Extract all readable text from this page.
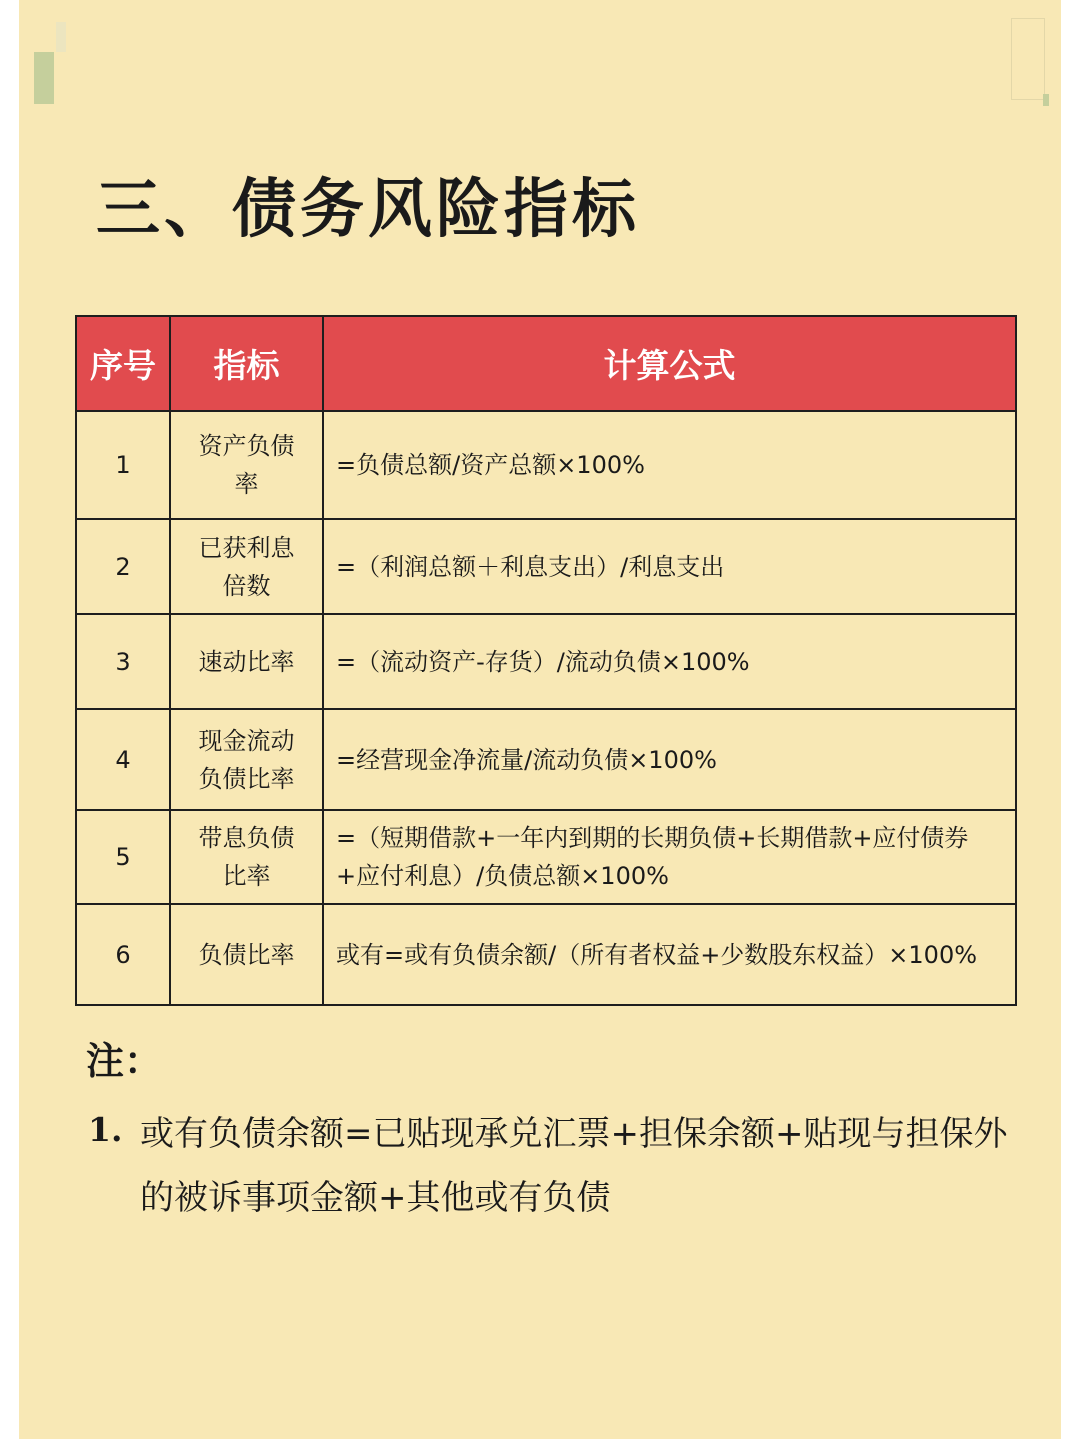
三、债务风险指标
序号	指标	计算公式
1	资产负债率	=负债总额/资产总额×100%
2	已获利息倍数	=（利润总额＋利息支出）/利息支出
3	速动比率	=（流动资产-存货）/流动负债×100%
4	现金流动负债比率	=经营现金净流量/流动负债×100%
5	带息负债比率	=（短期借款+一年内到期的长期负债+长期借款+应付债券+应付利息）/负债总额×100%
6	负债比率	或有=或有负债余额/（所有者权益+少数股东权益）×100%
注：
1. 或有负债余额=已贴现承兑汇票+担保余额+贴现与担保外的被诉事项金额+其他或有负债
